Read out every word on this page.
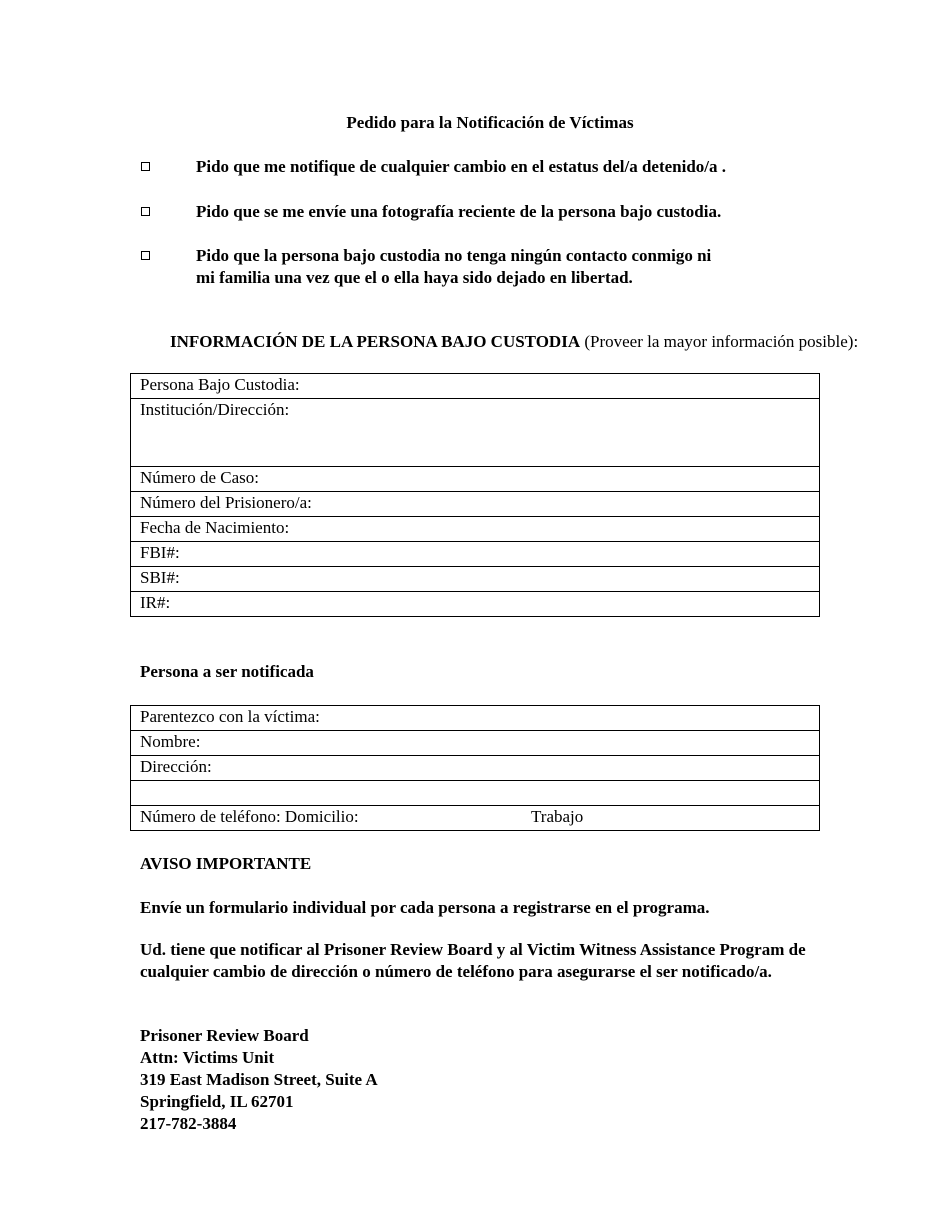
Pedido para la Notificación de Víctimas
Pido que me notifique de cualquier cambio en el estatus del/a detenido/a .
Pido que se me envíe una fotografía reciente de la persona bajo custodia.
Pido que la persona bajo custodia no tenga ningún contacto conmigo ni
mi familia una vez que el o ella haya sido dejado en libertad.
INFORMACIÓN DE LA PERSONA BAJO CUSTODIA (Proveer la mayor información posible):
Persona Bajo Custodia:
Institución/Dirección:
Número de Caso:
Número del Prisionero/a:
Fecha de Nacimiento:
FBI#:
SBI#:
IR#:
Persona a ser notificada
Parentezco con la víctima:
Nombre:
Dirección:

Número de teléfono: Domicilio:	Trabajo
AVISO IMPORTANTE
Envíe un formulario individual por cada persona a registrarse en el programa.
Ud. tiene que notificar al Prisoner Review Board y al Victim Witness Assistance Program de cualquier cambio de dirección o número de teléfono para asegurarse el ser notificado/a.
Prisoner Review Board
Attn: Victims Unit
319 East Madison Street, Suite A
Springfield, IL 62701
217-782-3884
